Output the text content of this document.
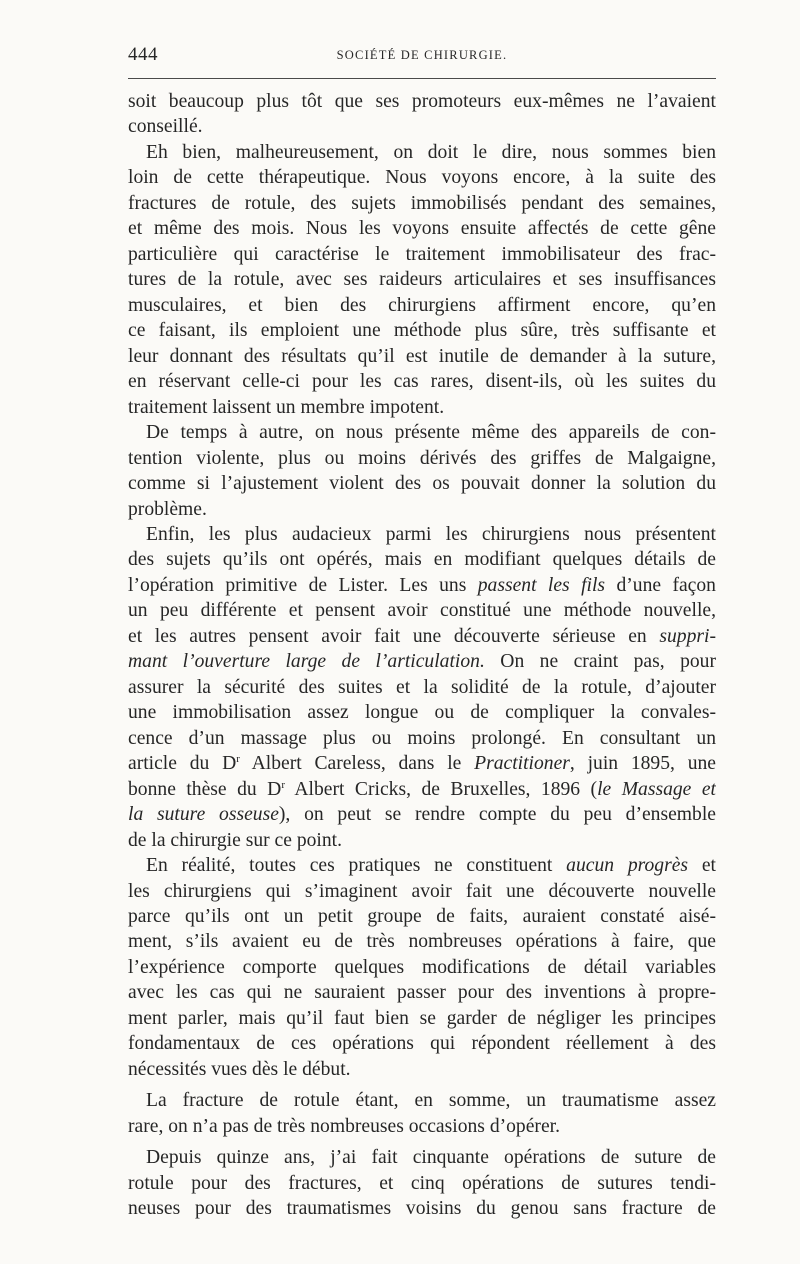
444	SOCIÉTÉ DE CHIRURGIE.
soit beaucoup plus tôt que ses promoteurs eux-mêmes ne l’avaient
conseillé.
Eh bien, malheureusement, on doit le dire, nous sommes bien
loin de cette thérapeutique. Nous voyons encore, à la suite des
fractures de rotule, des sujets immobilisés pendant des semaines,
et même des mois. Nous les voyons ensuite affectés de cette gêne
particulière qui caractérise le traitement immobilisateur des frac-
tures de la rotule, avec ses raideurs articulaires et ses insuffisances
musculaires, et bien des chirurgiens affirment encore, qu’en
ce faisant, ils emploient une méthode plus sûre, très suffisante et
leur donnant des résultats qu’il est inutile de demander à la suture,
en réservant celle-ci pour les cas rares, disent-ils, où les suites du
traitement laissent un membre impotent.
De temps à autre, on nous présente même des appareils de con-
tention violente, plus ou moins dérivés des griffes de Malgaigne,
comme si l’ajustement violent des os pouvait donner la solution du
problème.
Enfin, les plus audacieux parmi les chirurgiens nous présentent
des sujets qu’ils ont opérés, mais en modifiant quelques détails de
l’opération primitive de Lister. Les uns passent les fils d’une façon
un peu différente et pensent avoir constitué une méthode nouvelle,
et les autres pensent avoir fait une découverte sérieuse en suppri-
mant l’ouverture large de l’articulation. On ne craint pas, pour
assurer la sécurité des suites et la solidité de la rotule, d’ajouter
une immobilisation assez longue ou de compliquer la convales-
cence d’un massage plus ou moins prolongé. En consultant un
article du $D^r$ Albert Careless, dans le Practitioner, juin 1895, une
bonne thèse du $D^r$ Albert Cricks, de Bruxelles, 1896 (le Massage et
la suture osseuse), on peut se rendre compte du peu d’ensemble
de la chirurgie sur ce point.
En réalité, toutes ces pratiques ne constituent aucun progrès et
les chirurgiens qui s’imaginent avoir fait une découverte nouvelle
parce qu’ils ont un petit groupe de faits, auraient constaté aisé-
ment, s’ils avaient eu de très nombreuses opérations à faire, que
l’expérience comporte quelques modifications de détail variables
avec les cas qui ne sauraient passer pour des inventions à propre-
ment parler, mais qu’il faut bien se garder de négliger les principes
fondamentaux de ces opérations qui répondent réellement à des
nécessités vues dès le début.
La fracture de rotule étant, en somme, un traumatisme assez
rare, on n’a pas de très nombreuses occasions d’opérer.
Depuis quinze ans, j’ai fait cinquante opérations de suture de
rotule pour des fractures, et cinq opérations de sutures tendi-
neuses pour des traumatismes voisins du genou sans fracture de
